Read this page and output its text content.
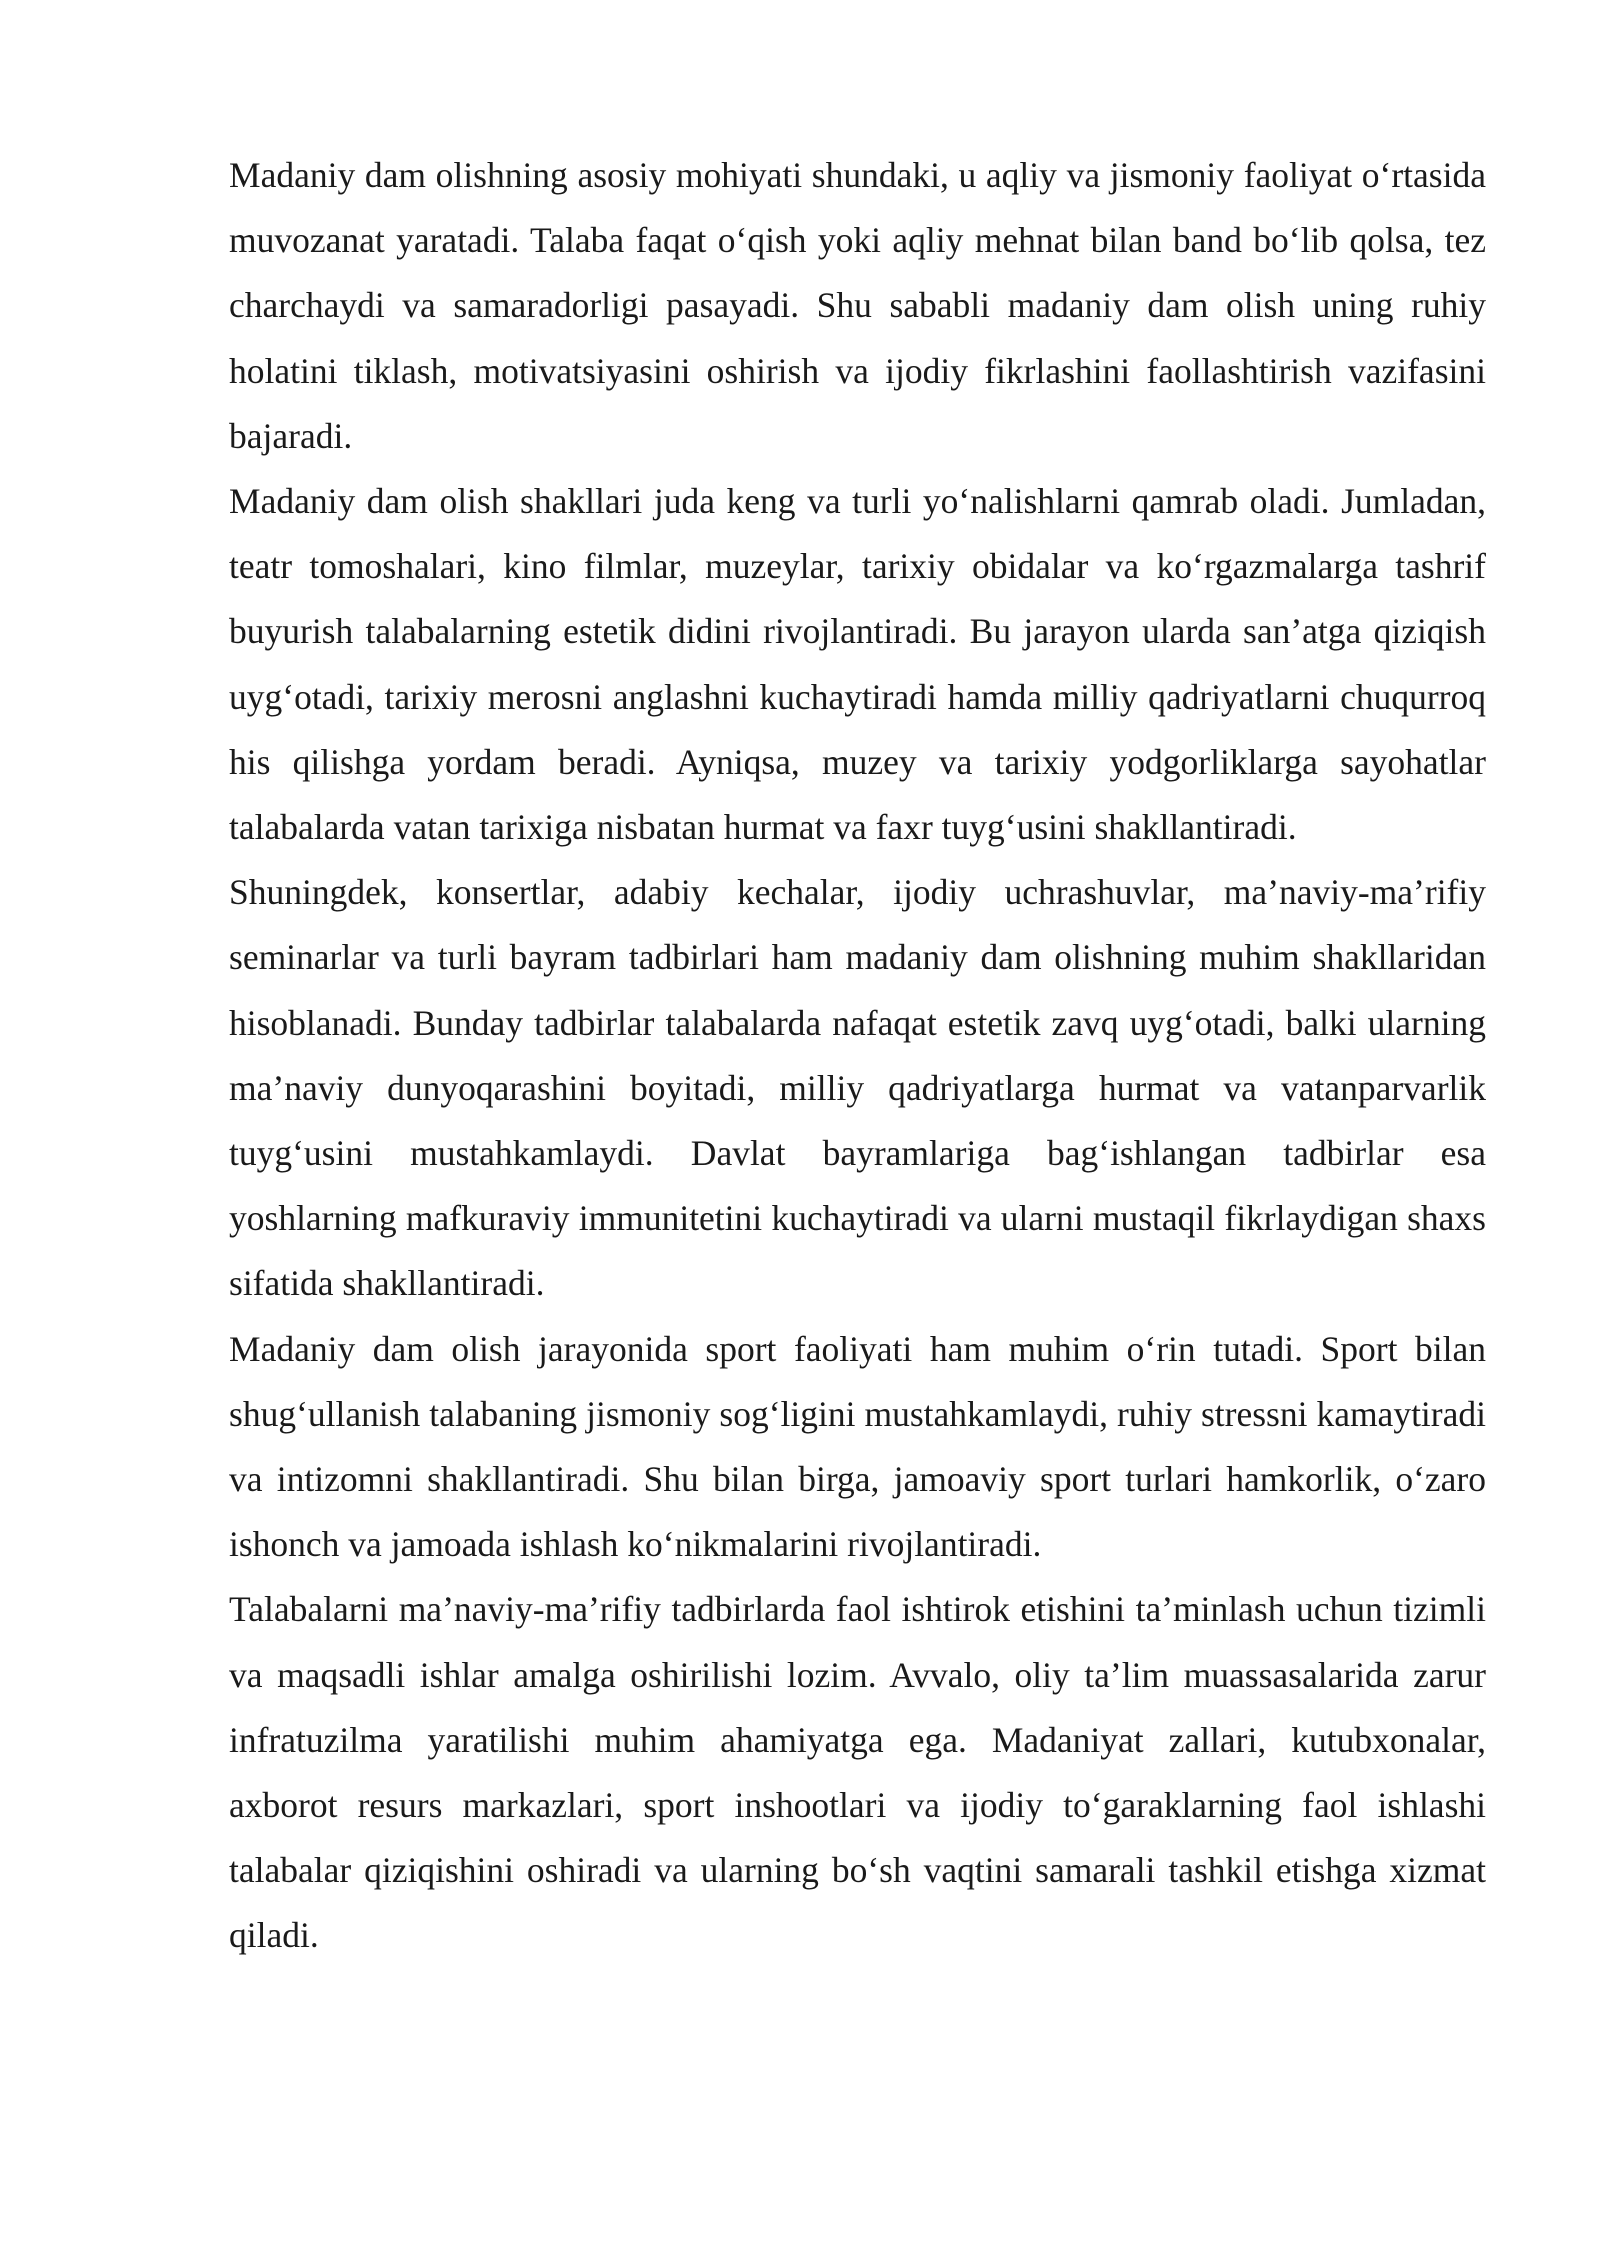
Madaniy dam olishning asosiy mohiyati shundaki, u aqliy va jismoniy faoliyat o‘rtasida muvozanat yaratadi. Talaba faqat o‘qish yoki aqliy mehnat bilan band bo‘lib qolsa, tez charchaydi va samaradorligi pasayadi. Shu sababli madaniy dam olish uning ruhiy holatini tiklash, motivatsiyasini oshirish va ijodiy fikrlashini faollashtirish vazifasini bajaradi.

Madaniy dam olish shakllari juda keng va turli yo‘nalishlarni qamrab oladi. Jumladan, teatr tomoshalari, kino filmlar, muzeylar, tarixiy obidalar va ko‘rgazmalarga tashrif buyurish talabalarning estetik didini rivojlantiradi. Bu jarayon ularda san’atga qiziqish uyg‘otadi, tarixiy merosni anglashni kuchaytiradi hamda milliy qadriyatlarni chuqurroq his qilishga yordam beradi. Ayniqsa, muzey va tarixiy yodgorliklarga sayohatlar talabalarda vatan tarixiga nisbatan hurmat va faxr tuyg‘usini shakllantiradi.

Shuningdek, konsertlar, adabiy kechalar, ijodiy uchrashuvlar, ma’naviy-ma’rifiy seminarlar va turli bayram tadbirlari ham madaniy dam olishning muhim shakllaridan hisoblanadi. Bunday tadbirlar talabalarda nafaqat estetik zavq uyg‘otadi, balki ularning ma’naviy dunyoqarashini boyitadi, milliy qadriyatlarga hurmat va vatanparvarlik tuyg‘usini mustahkamlaydi. Davlat bayramlariga bag‘ishlangan tadbirlar esa yoshlarning mafkuraviy immunitetini kuchaytiradi va ularni mustaqil fikrlaydigan shaxs sifatida shakllantiradi.

Madaniy dam olish jarayonida sport faoliyati ham muhim o‘rin tutadi. Sport bilan shug‘ullanish talabaning jismoniy sog‘ligini mustahkamlaydi, ruhiy stressni kamaytiradi va intizomni shakllantiradi. Shu bilan birga, jamoaviy sport turlari hamkorlik, o‘zaro ishonch va jamoada ishlash ko‘nikmalarini rivojlantiradi.

Talabalarni ma’naviy-ma’rifiy tadbirlarda faol ishtirok etishini ta’minlash uchun tizimli va maqsadli ishlar amalga oshirilishi lozim. Avvalo, oliy ta’lim muassasalarida zarur infratuzilma yaratilishi muhim ahamiyatga ega. Madaniyat zallari, kutubxonalar, axborot resurs markazlari, sport inshootlari va ijodiy to‘garaklarning faol ishlashi talabalar qiziqishini oshiradi va ularning bo‘sh vaqtini samarali tashkil etishga xizmat qiladi.
